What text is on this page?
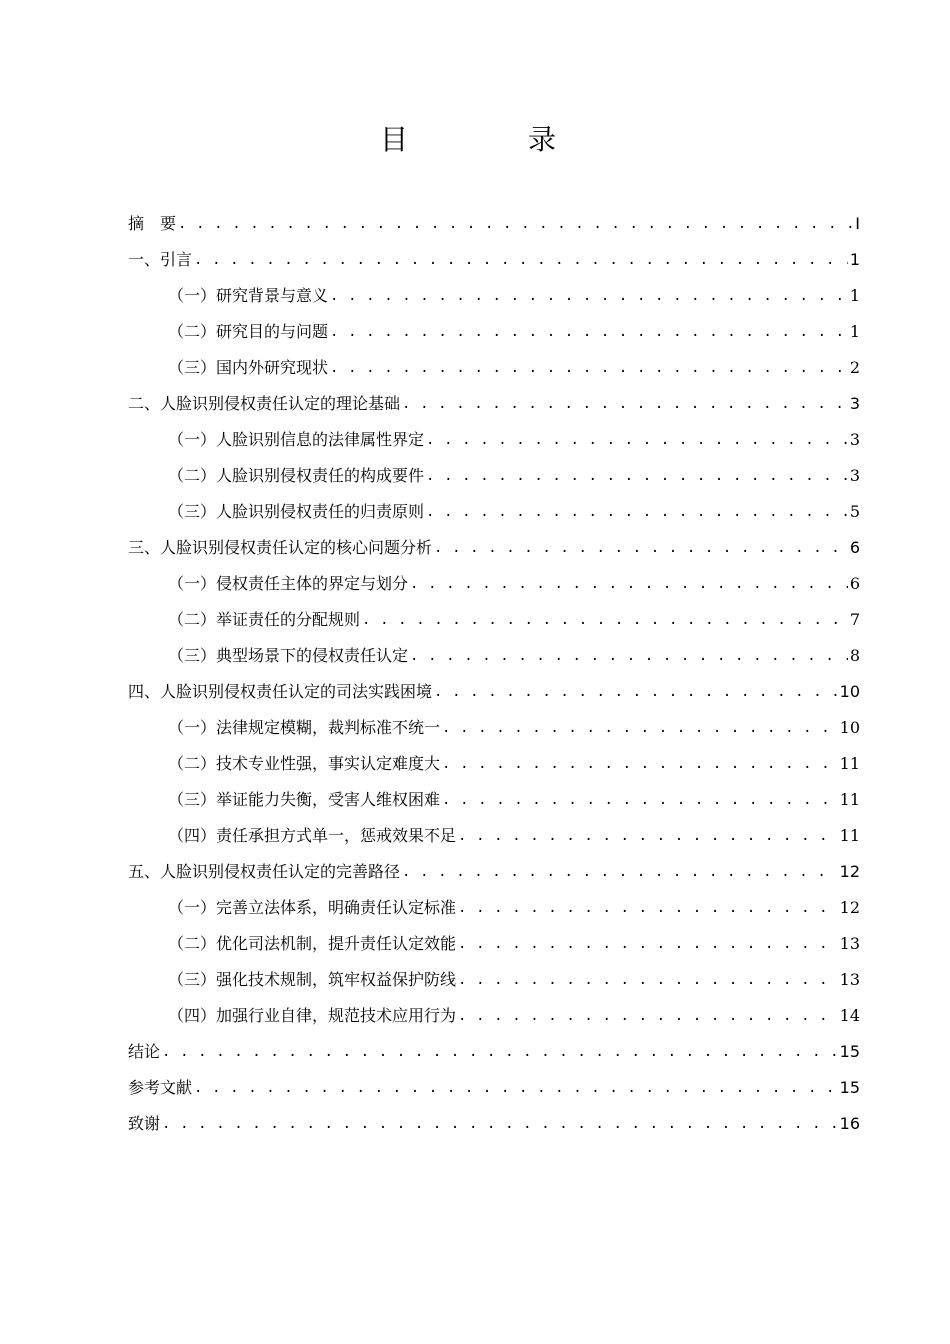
目　录
摘　要 . . .	I
一、引言 . . .	1
（一）研究背景与意义 . . .	1
（二）研究目的与问题 . . .	1
（三）国内外研究现状 . . .	2
二、人脸识别侵权责任认定的理论基础 . . .	3
（一）人脸识别信息的法律属性界定 . . .	3
（二）人脸识别侵权责任的构成要件 . . .	3
（三）人脸识别侵权责任的归责原则 . . .	5
三、人脸识别侵权责任认定的核心问题分析 . . .	6
（一）侵权责任主体的界定与划分 . . .	6
（二）举证责任的分配规则 . . .	7
（三）典型场景下的侵权责任认定 . . .	8
四、人脸识别侵权责任认定的司法实践困境 . . .	10
（一）法律规定模糊，裁判标准不统一 . . .	10
（二）技术专业性强，事实认定难度大 . . .	11
（三）举证能力失衡，受害人维权困难 . . .	11
（四）责任承担方式单一，惩戒效果不足 . . .	11
五、人脸识别侵权责任认定的完善路径 . . .	12
（一）完善立法体系，明确责任认定标准 . . .	12
（二）优化司法机制，提升责任认定效能 . . .	13
（三）强化技术规制，筑牢权益保护防线 . . .	13
（四）加强行业自律，规范技术应用行为 . . .	14
结论 . . .	15
参考文献 . . .	15
致谢 . . .	16
